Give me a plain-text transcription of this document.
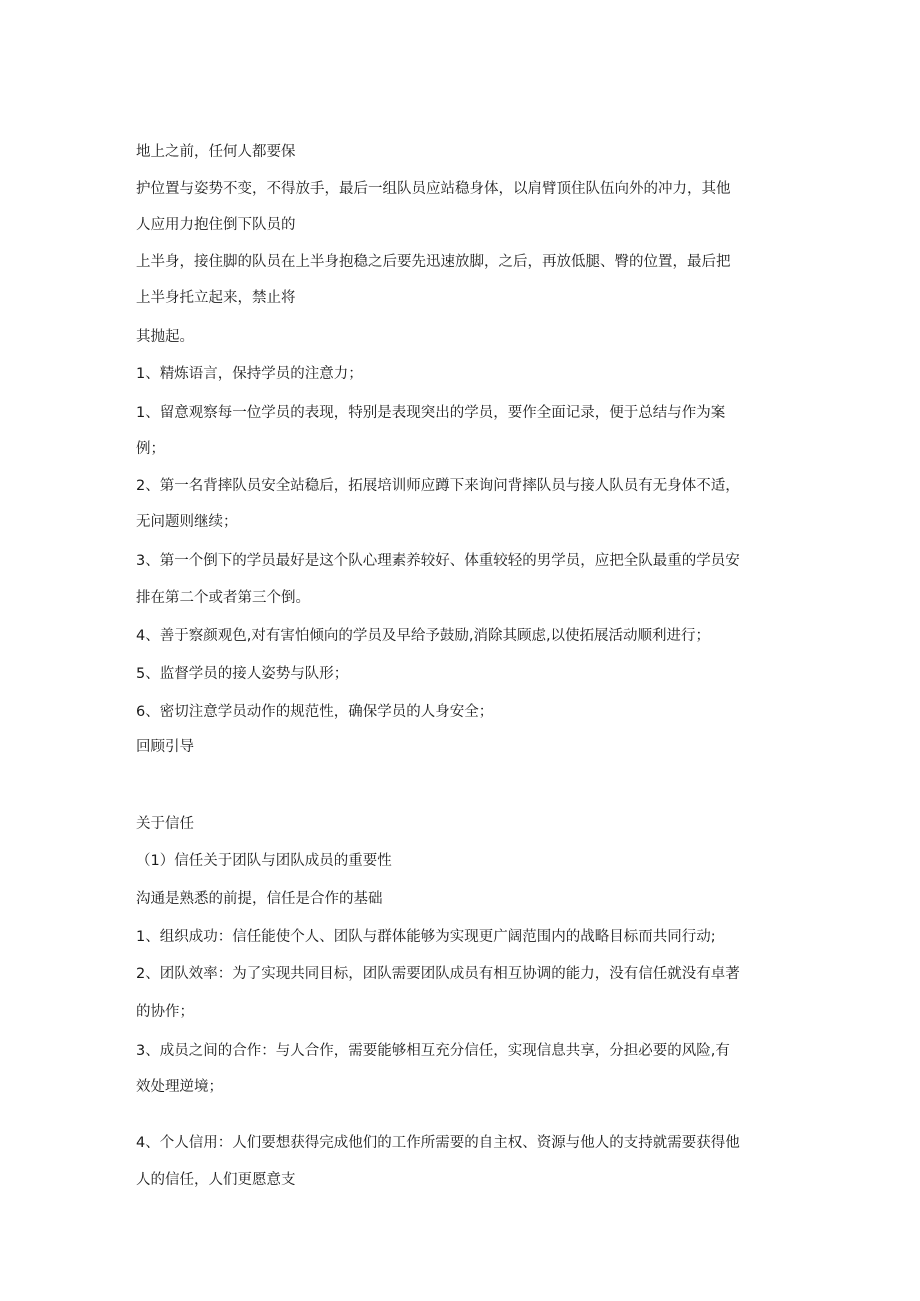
地上之前，任何人都要保

护位置与姿势不变，不得放手，最后一组队员应站稳身体，以肩臂顶住队伍向外的冲力，其他

人应用力抱住倒下队员的

上半身，接住脚的队员在上半身抱稳之后要先迅速放脚，之后，再放低腿、臀的位置，最后把

上半身托立起来，禁止将

其抛起。

1、精炼语言，保持学员的注意力；

1、留意观察每一位学员的表现，特别是表现突出的学员，要作全面记录，便于总结与作为案

例；

2、第一名背摔队员安全站稳后，拓展培训师应蹲下来询问背摔队员与接人队员有无身体不适，

无问题则继续；

3、第一个倒下的学员最好是这个队心理素养较好、体重较轻的男学员，应把全队最重的学员安

排在第二个或者第三个倒。

4、善于察颜观色,对有害怕倾向的学员及早给予鼓励,消除其顾虑,以使拓展活动顺利进行；

5、监督学员的接人姿势与队形；

6、密切注意学员动作的规范性，确保学员的人身安全；

回顾引导

关于信任

（1）信任关于团队与团队成员的重要性

沟通是熟悉的前提，信任是合作的基础

1、组织成功：信任能使个人、团队与群体能够为实现更广阔范围内的战略目标而共同行动;

2、团队效率：为了实现共同目标，团队需要团队成员有相互协调的能力，没有信任就没有卓著

的协作；

3、成员之间的合作：与人合作，需要能够相互充分信任，实现信息共享，分担必要的风险,有

效处理逆境；

4、个人信用：人们要想获得完成他们的工作所需要的自主权、资源与他人的支持就需要获得他

人的信任，人们更愿意支
